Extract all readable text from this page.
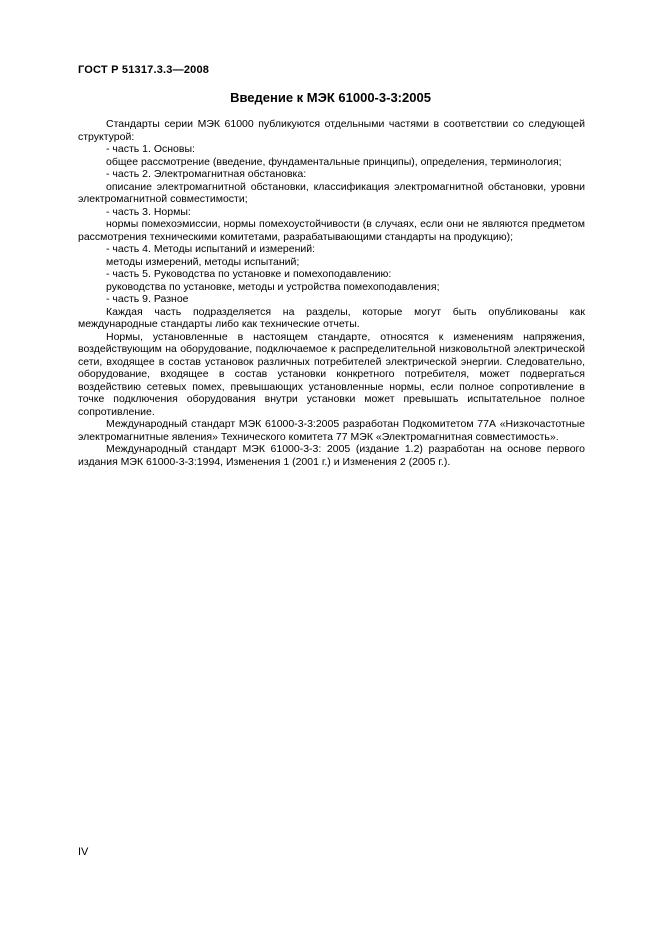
ГОСТ Р 51317.3.3—2008
Введение к МЭК 61000-3-3:2005

Стандарты серии МЭК 61000 публикуются отдельными частями в соответствии со следующей структурой:

- часть 1. Основы:

общее рассмотрение (введение, фундаментальные принципы), определения, терминология;

- часть 2. Электромагнитная обстановка:

описание электромагнитной обстановки, классификация электромагнитной обстановки, уровни электромагнитной совместимости;

- часть 3. Нормы:

нормы помехоэмиссии, нормы помехоустойчивости (в случаях, если они не являются предметом рассмотрения техническими комитетами, разрабатывающими стандарты на продукцию);

- часть 4. Методы испытаний и измерений:

методы измерений, методы испытаний;

- часть 5. Руководства по установке и помехоподавлению:

руководства по установке, методы и устройства помехоподавления;

- часть 9. Разное

Каждая часть подразделяется на разделы, которые могут быть опубликованы как международные стандарты либо как технические отчеты.

Нормы, установленные в настоящем стандарте, относятся к изменениям напряжения, воздействующим на оборудование, подключаемое к распределительной низковольтной электрической сети, входящее в состав установок различных потребителей электрической энергии. Следовательно, оборудование, входящее в состав установки конкретного потребителя, может подвергаться воздействию сетевых помех, превышающих установленные нормы, если полное сопротивление в точке подключения оборудования внутри установки может превышать испытательное полное сопротивление.

Международный стандарт МЭК 61000-3-3:2005 разработан Подкомитетом 77А «Низкочастотные электромагнитные явления» Технического комитета 77 МЭК «Электромагнитная совместимость».

Международный стандарт МЭК 61000-3-3: 2005 (издание 1.2) разработан на основе первого издания МЭК 61000-3-3:1994, Изменения 1 (2001 г.) и Изменения 2 (2005 г.).

IV
